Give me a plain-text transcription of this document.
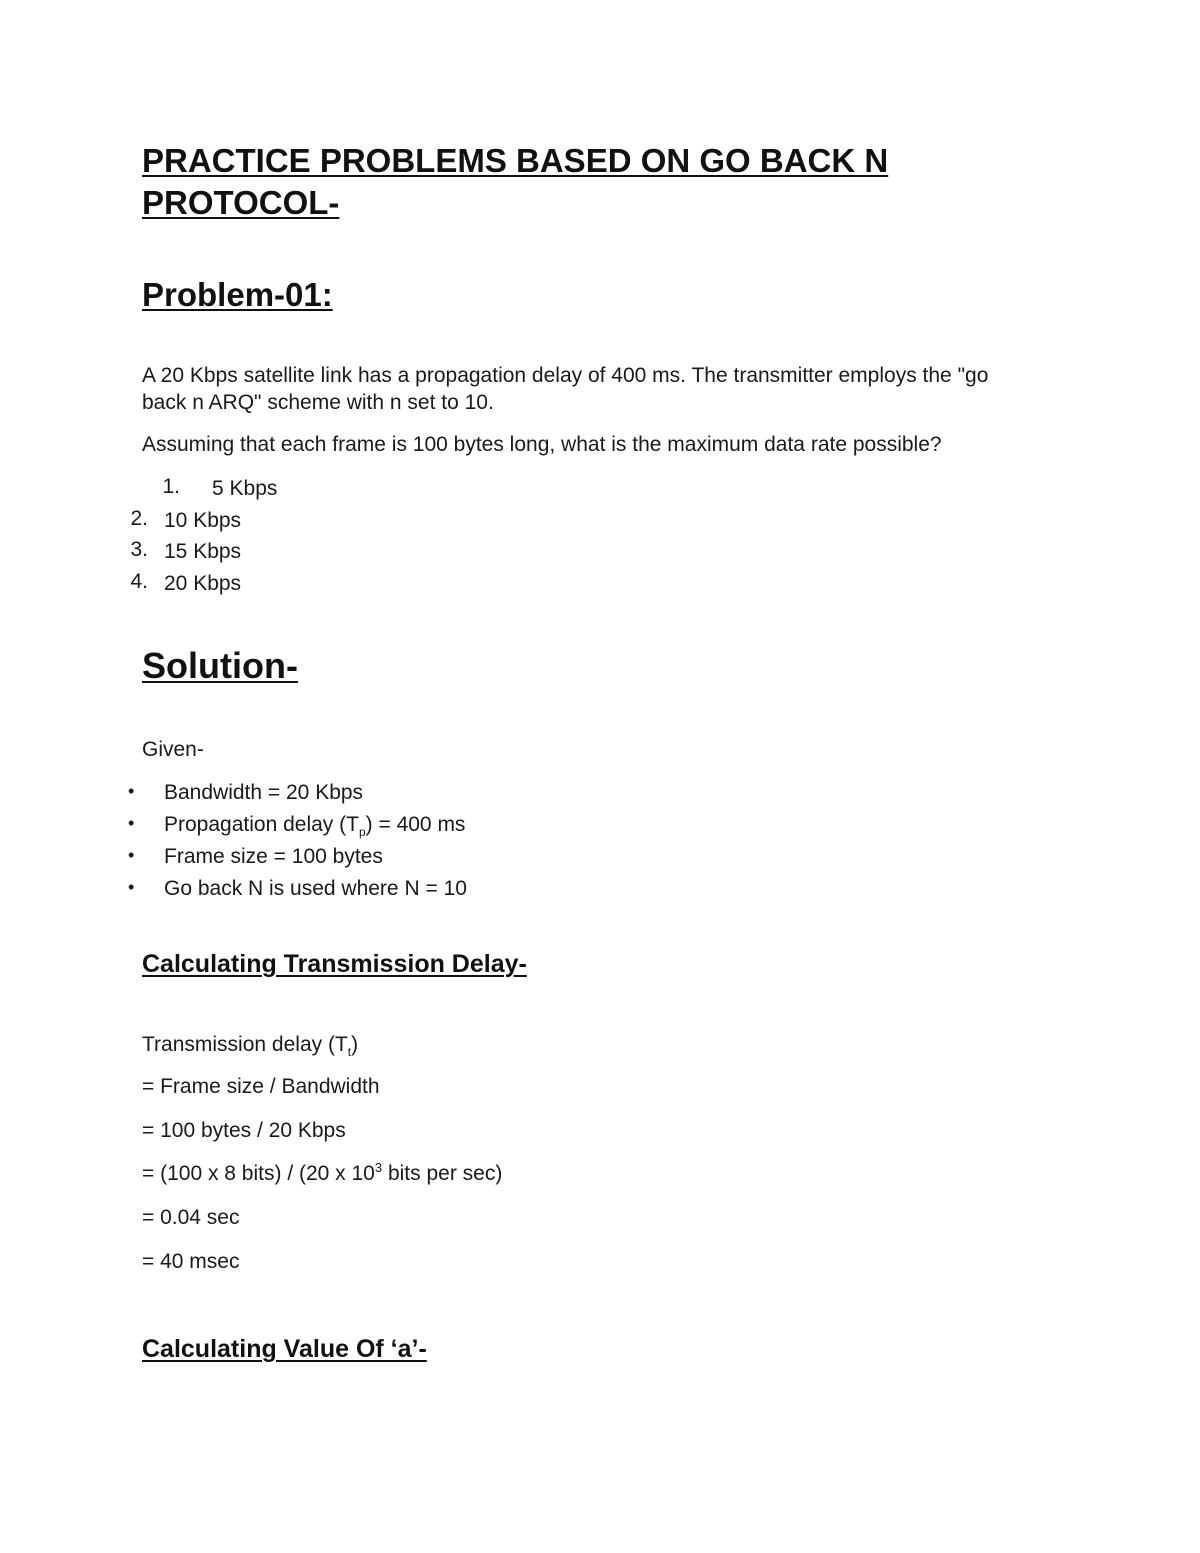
PRACTICE PROBLEMS BASED ON GO BACK N
PROTOCOL-
Problem-01:
A 20 Kbps satellite link has a propagation delay of 400 ms. The transmitter employs the "go
back n ARQ" scheme with n set to 10.
Assuming that each frame is 100 bytes long, what is the maximum data rate possible?
1. 5 Kbps
2. 10 Kbps
3. 15 Kbps
4. 20 Kbps
Solution-
Given-
• Bandwidth = 20 Kbps
• Propagation delay $(T_p) = 400$ ms
• Frame size = 100 bytes
• Go back N is used where N = 10
Calculating Transmission Delay-
Transmission delay $(T_t)$
= Frame size / Bandwidth
= 100 bytes / 20 Kbps
= (100 x 8 bits) / (20 x $10^3$ bits per sec)
= 0.04 sec
= 40 msec
Calculating Value Of ‘a’-
